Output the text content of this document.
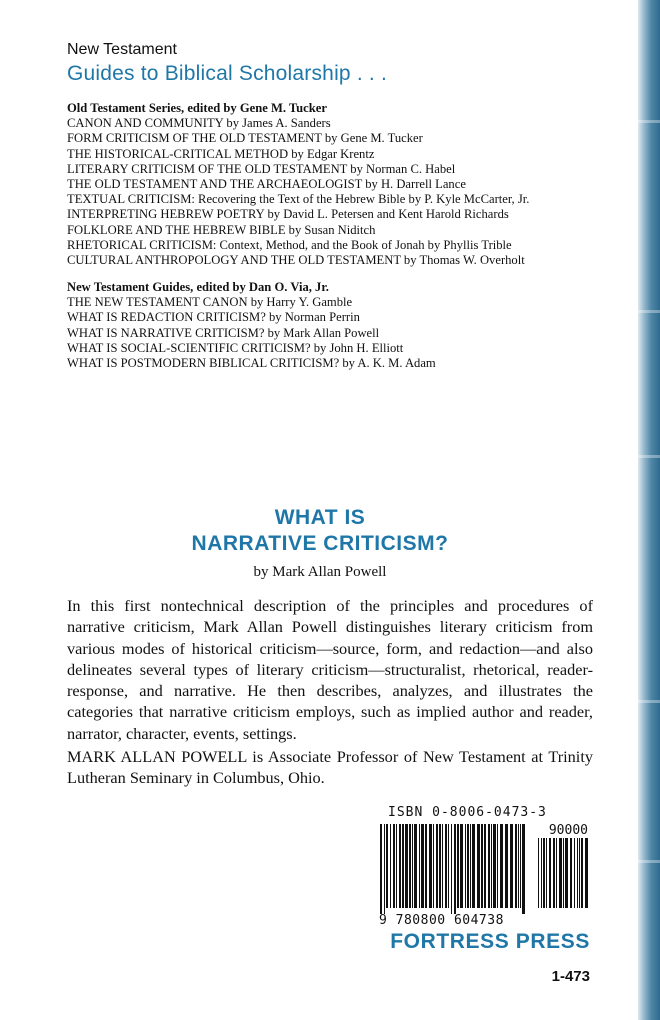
New Testament
Guides to Biblical Scholarship . . .
Old Testament Series, edited by Gene M. Tucker
CANON AND COMMUNITY by James A. Sanders
FORM CRITICISM OF THE OLD TESTAMENT by Gene M. Tucker
THE HISTORICAL-CRITICAL METHOD by Edgar Krentz
LITERARY CRITICISM OF THE OLD TESTAMENT by Norman C. Habel
THE OLD TESTAMENT AND THE ARCHAEOLOGIST by H. Darrell Lance
TEXTUAL CRITICISM: Recovering the Text of the Hebrew Bible by P. Kyle McCarter, Jr.
INTERPRETING HEBREW POETRY by David L. Petersen and Kent Harold Richards
FOLKLORE AND THE HEBREW BIBLE by Susan Niditch
RHETORICAL CRITICISM: Context, Method, and the Book of Jonah by Phyllis Trible
CULTURAL ANTHROPOLOGY AND THE OLD TESTAMENT by Thomas W. Overholt
New Testament Guides, edited by Dan O. Via, Jr.
THE NEW TESTAMENT CANON by Harry Y. Gamble
WHAT IS REDACTION CRITICISM? by Norman Perrin
WHAT IS NARRATIVE CRITICISM? by Mark Allan Powell
WHAT IS SOCIAL-SCIENTIFIC CRITICISM? by John H. Elliott
WHAT IS POSTMODERN BIBLICAL CRITICISM? by A. K. M. Adam
WHAT IS
NARRATIVE CRITICISM?
by Mark Allan Powell
In this first nontechnical description of the principles and procedures of narrative criticism, Mark Allan Powell distinguishes literary criticism from various modes of historical criticism—source, form, and redaction—and also delineates several types of literary criticism—structuralist, rhetorical, reader-response, and narrative. He then describes, analyzes, and illustrates the categories that narrative criticism employs, such as implied author and reader, narrator, character, events, settings.
MARK ALLAN POWELL is Associate Professor of New Testament at Trinity Lutheran Seminary in Columbus, Ohio.
ISBN 0-8006-0473-3
90000
9 780800 604738
FORTRESS PRESS
1-473
